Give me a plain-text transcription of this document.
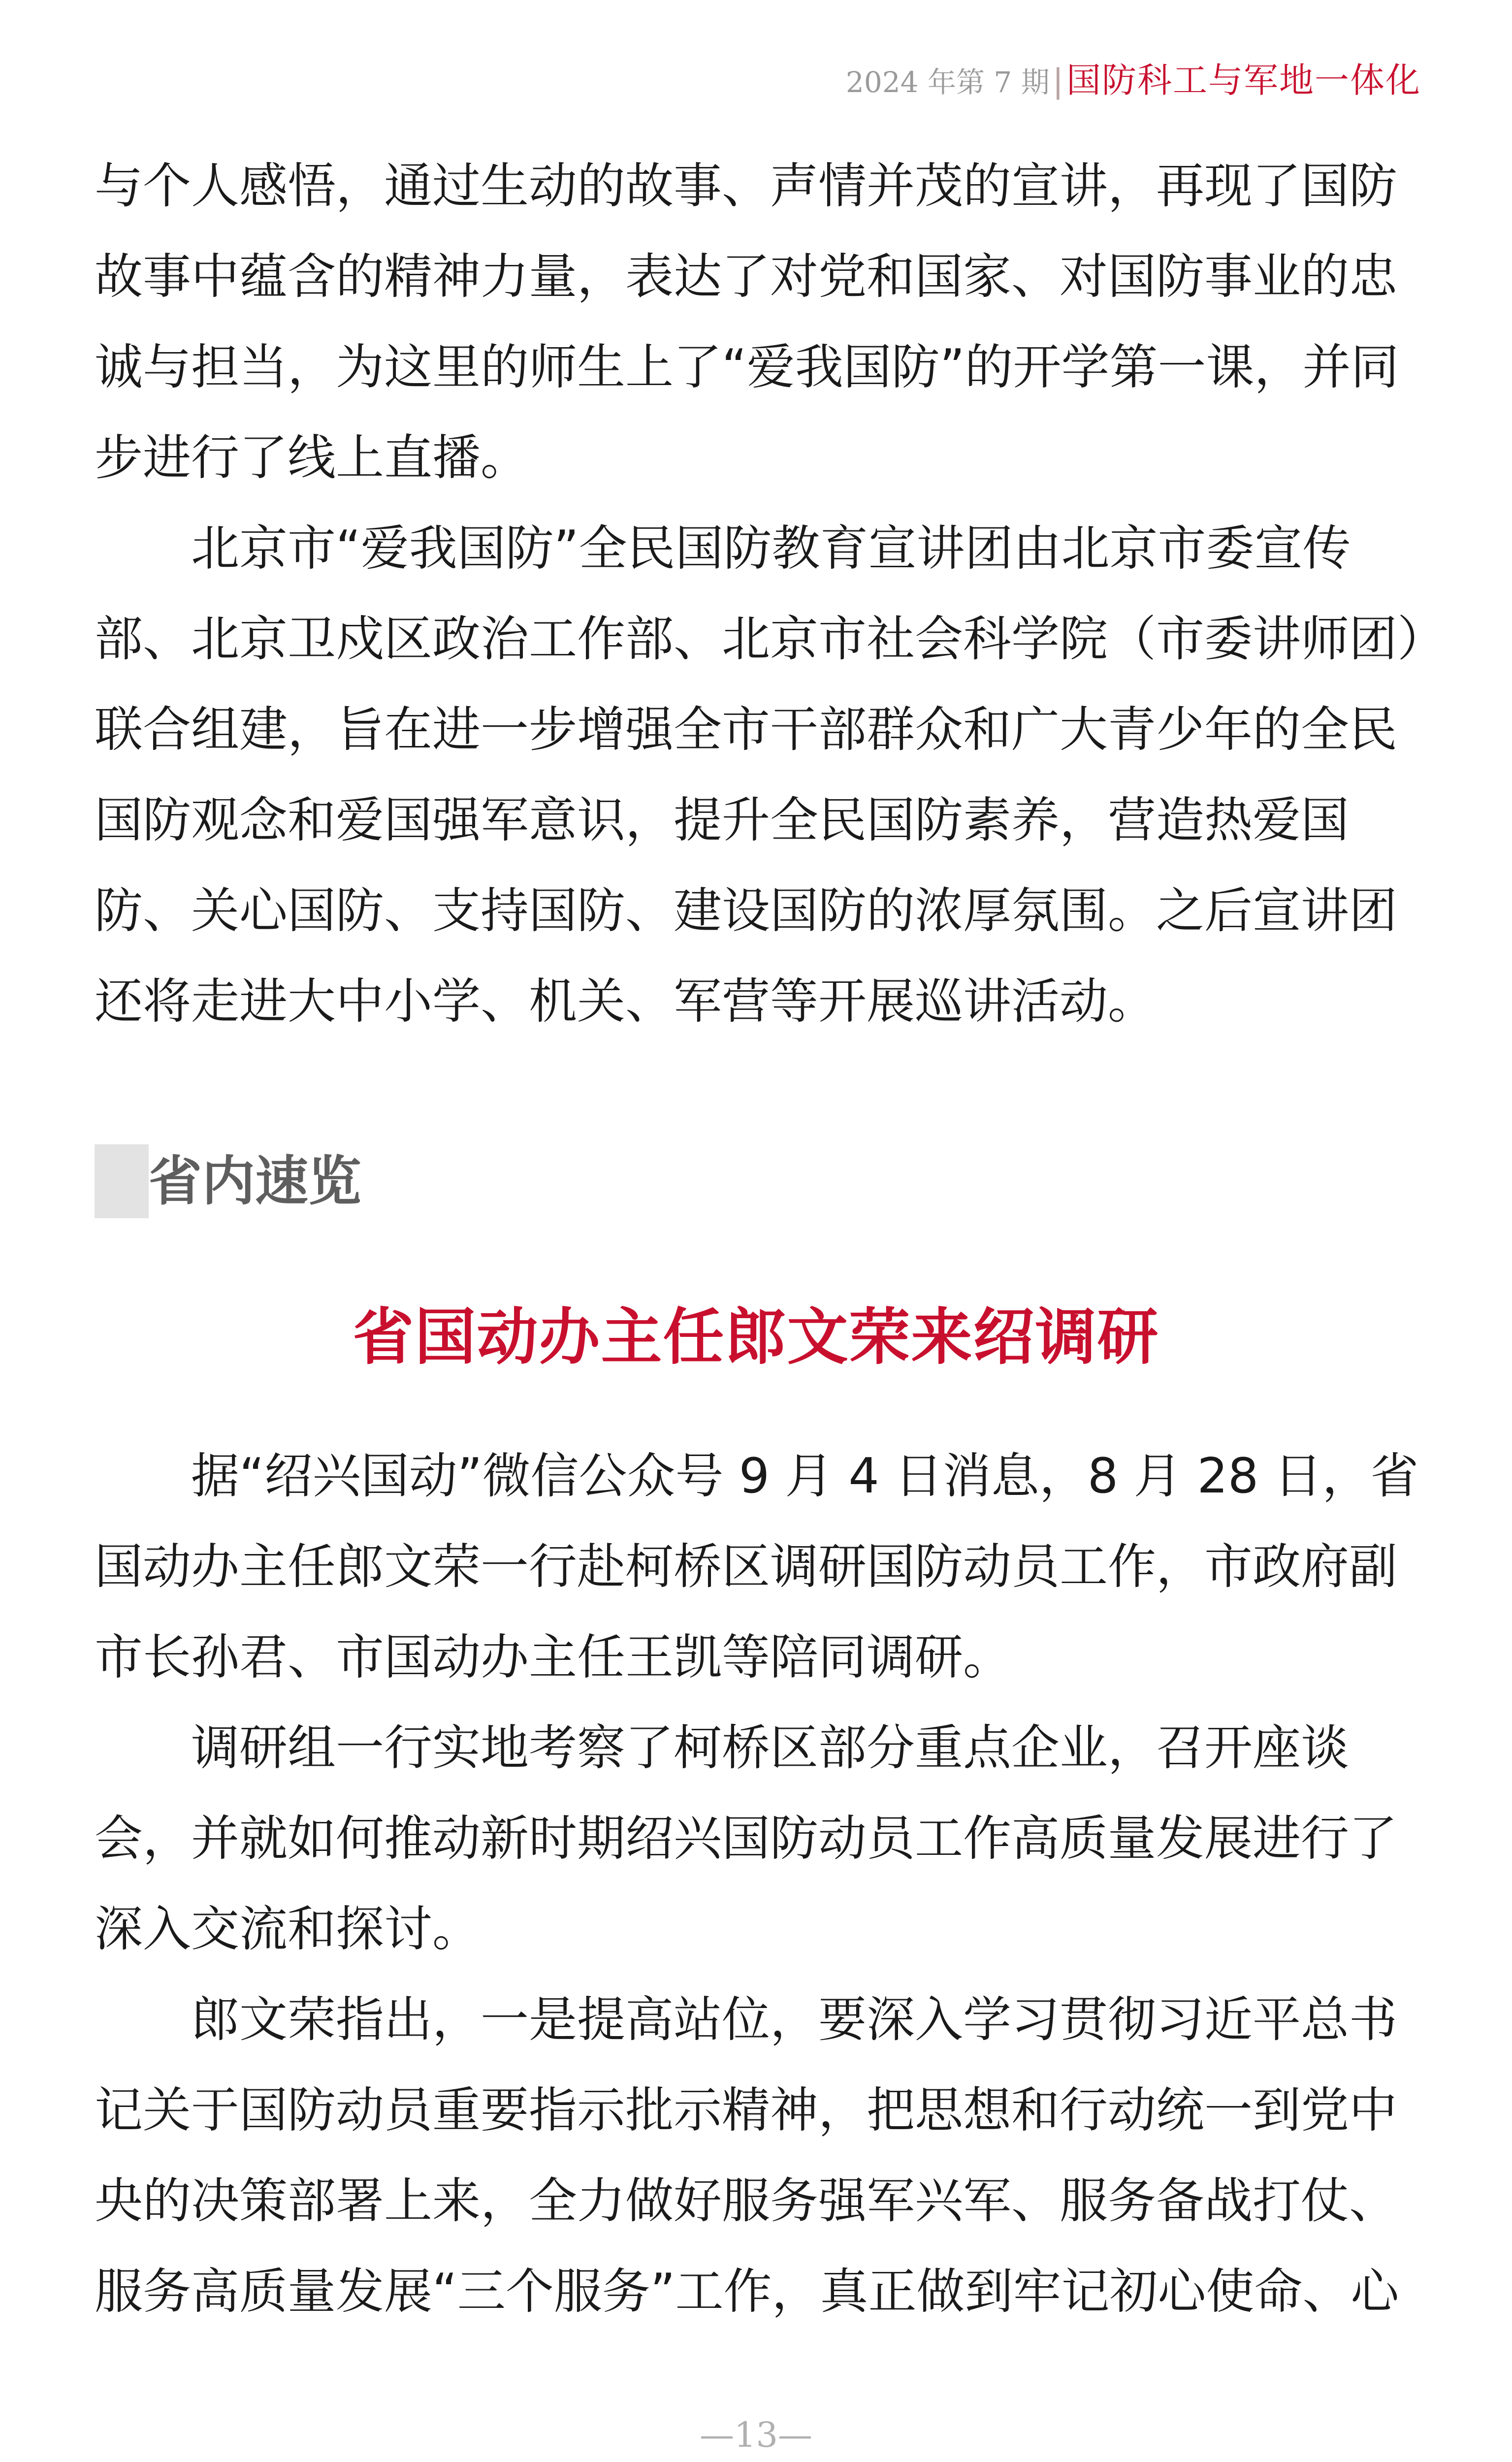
2024 年第 7 期|国防科工与军地一体化

与个人感悟，通过生动的故事、声情并茂的宣讲，再现了国防故事中蕴含的精神力量，表达了对党和国家、对国防事业的忠诚与担当，为这里的师生上了“爱我国防”的开学第一课，并同步进行了线上直播。

北京市“爱我国防”全民国防教育宣讲团由北京市委宣传部、北京卫戍区政治工作部、北京市社会科学院（市委讲师团）联合组建，旨在进一步增强全市干部群众和广大青少年的全民国防观念和爱国强军意识，提升全民国防素养，营造热爱国防、关心国防、支持国防、建设国防的浓厚氛围。之后宣讲团还将走进大中小学、机关、军营等开展巡讲活动。

省内速览
省国动办主任郎文荣来绍调研

据“绍兴国动”微信公众号 9 月 4 日消息，8 月 28 日，省国动办主任郎文荣一行赴柯桥区调研国防动员工作，市政府副市长孙君、市国动办主任王凯等陪同调研。

调研组一行实地考察了柯桥区部分重点企业，召开座谈会，并就如何推动新时期绍兴国防动员工作高质量发展进行了深入交流和探讨。

郎文荣指出，一是提高站位，要深入学习贯彻习近平总书记关于国防动员重要指示批示精神，把思想和行动统一到党中央的决策部署上来，全力做好服务强军兴军、服务备战打仗、服务高质量发展“三个服务”工作，真正做到牢记初心使命、心

—13—
